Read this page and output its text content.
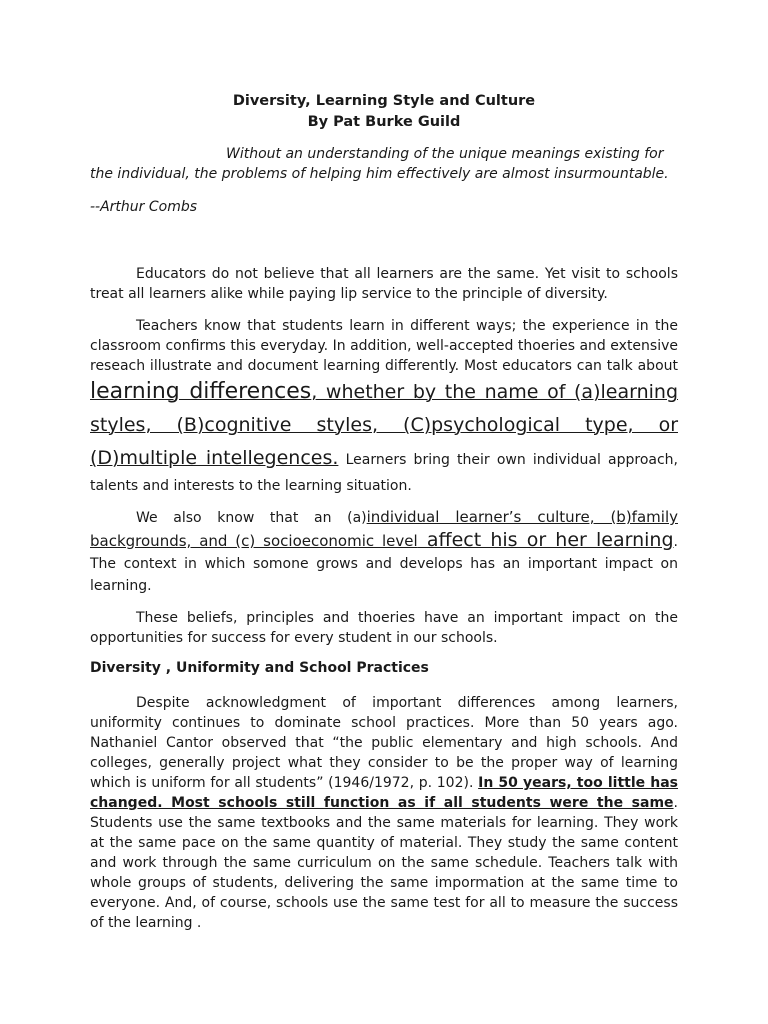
Diversity, Learning Style and Culture
By Pat Burke Guild
Without an understanding of the unique meanings existing for
the individual, the problems of helping him effectively are almost insurmountable.
--Arthur Combs

Educators do not believe that all learners are the same. Yet visit to schools treat all learners alike while paying lip service to the principle of diversity.

Teachers know that students learn in different ways; the experience in the classroom confirms this everyday. In addition, well-accepted thoeries and extensive reseach illustrate and document learning differently. Most educators can talk about learning differences, whether by the name of (a)learning styles, (B)cognitive styles, (C)psychological type, or (D)multiple intellegences. Learners bring their own individual approach, talents and interests to the learning situation.

We also know that an (a)individual learner’s culture, (b)family backgrounds, and (c) socioeconomic level affect his or her learning. The context in which somone grows and develops has an important impact on learning.

These beliefs, principles and thoeries have an important impact on the opportunities for success for every student in our schools.

Diversity , Uniformity and School Practices

Despite acknowledgment of important differences among learners, uniformity continues to dominate school practices. More than 50 years ago. Nathaniel Cantor observed that “the public elementary and high schools. And colleges, generally project what they consider to be the proper way of learning which is uniform for all students” (1946/1972, p. 102). In 50 years, too little has changed. Most schools still function as if all students were the same. Students use the same textbooks and the same materials for learning. They work at the same pace on the same quantity of material. They study the same content and work through the same curriculum on the same schedule. Teachers talk with whole groups of students, delivering the same impormation at the same time to everyone. And, of course, schools use the same test for all to measure the success of the learning .
